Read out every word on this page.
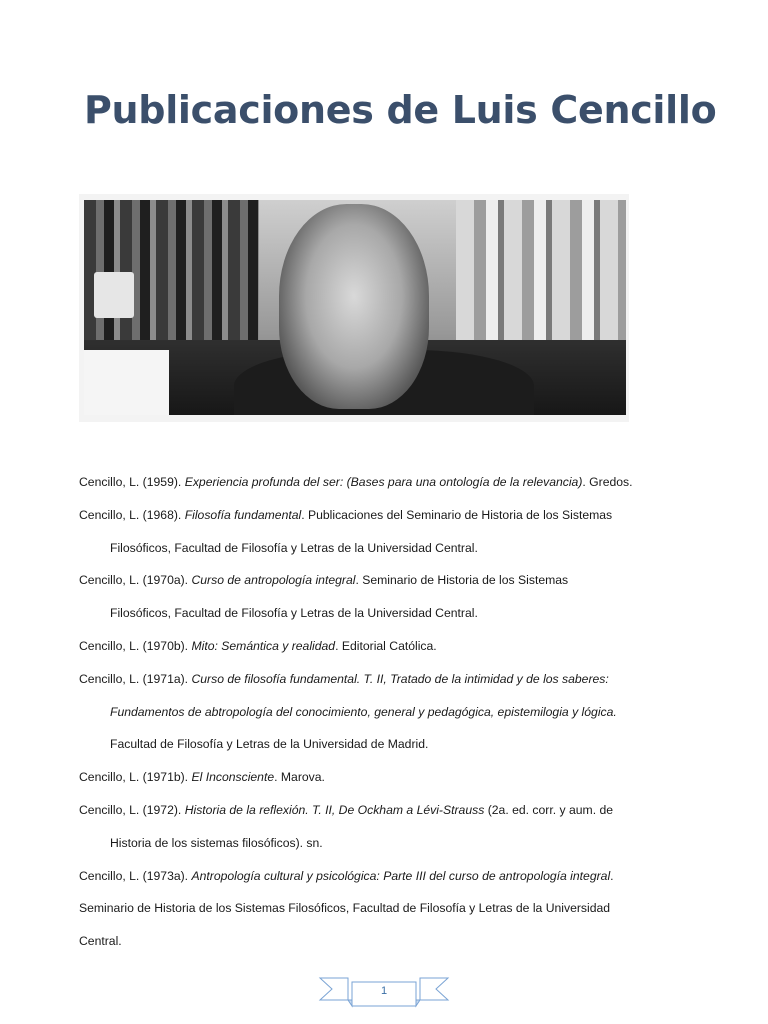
Publicaciones de Luis Cencillo

Cencillo, L. (1959). Experiencia profunda del ser: (Bases para una ontología de la relevancia). Gredos.

Cencillo, L. (1968). Filosofía fundamental. Publicaciones del Seminario de Historia de los Sistemas
Filosóficos, Facultad de Filosofía y Letras de la Universidad Central.

Cencillo, L. (1970a). Curso de antropología integral. Seminario de Historia de los Sistemas
Filosóficos, Facultad de Filosofía y Letras de la Universidad Central.

Cencillo, L. (1970b). Mito: Semántica y realidad. Editorial Católica.

Cencillo, L. (1971a). Curso de filosofía fundamental. T. II, Tratado de la intimidad y de los saberes:
Fundamentos de abtropología del conocimiento, general y pedagógica, epistemilogia y lógica.
Facultad de Filosofía y Letras de la Universidad de Madrid.

Cencillo, L. (1971b). El Inconsciente. Marova.

Cencillo, L. (1972). Historia de la reflexión. T. II, De Ockham a Lévi-Strauss (2a. ed. corr. y aum. de
Historia de los sistemas filosóficos). sn.

Cencillo, L. (1973a). Antropología cultural y psicológica: Parte III del curso de antropología integral.
Seminario de Historia de los Sistemas Filosóficos, Facultad de Filosofía y Letras de la Universidad
Central.

1
